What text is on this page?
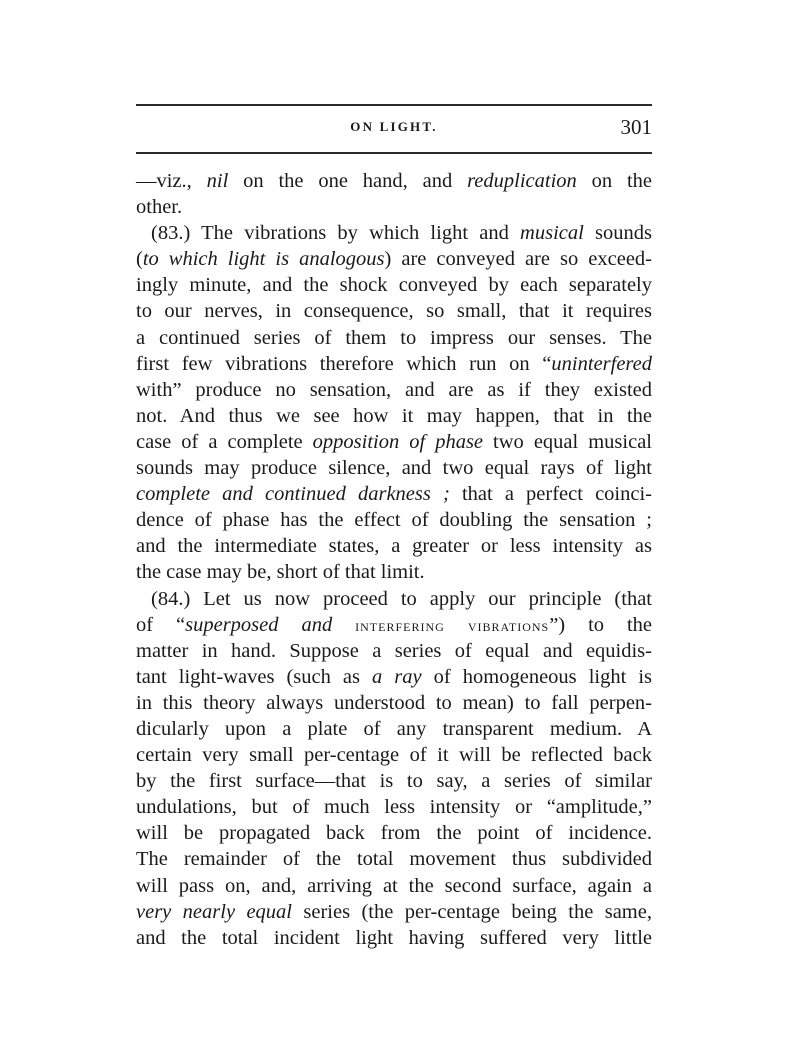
ON LIGHT.	301
—viz., nil on the one hand, and reduplication on the
other.
(83.) The vibrations by which light and musical sounds
(to which light is analogous) are conveyed are so exceed-
ingly minute, and the shock conveyed by each separately
to our nerves, in consequence, so small, that it requires
a continued series of them to impress our senses. The
first few vibrations therefore which run on “uninterfered
with” produce no sensation, and are as if they existed
not. And thus we see how it may happen, that in the
case of a complete opposition of phase two equal musical
sounds may produce silence, and two equal rays of light
complete and continued darkness ; that a perfect coinci-
dence of phase has the effect of doubling the sensation ;
and the intermediate states, a greater or less intensity as
the case may be, short of that limit.
(84.) Let us now proceed to apply our principle (that
of “superposed and interfering vibrations”) to the
matter in hand. Suppose a series of equal and equidis-
tant light-waves (such as a ray of homogeneous light is
in this theory always understood to mean) to fall perpen-
dicularly upon a plate of any transparent medium. A
certain very small per-centage of it will be reflected back
by the first surface—that is to say, a series of similar
undulations, but of much less intensity or “amplitude,”
will be propagated back from the point of incidence.
The remainder of the total movement thus subdivided
will pass on, and, arriving at the second surface, again a
very nearly equal series (the per-centage being the same,
and the total incident light having suffered very little
